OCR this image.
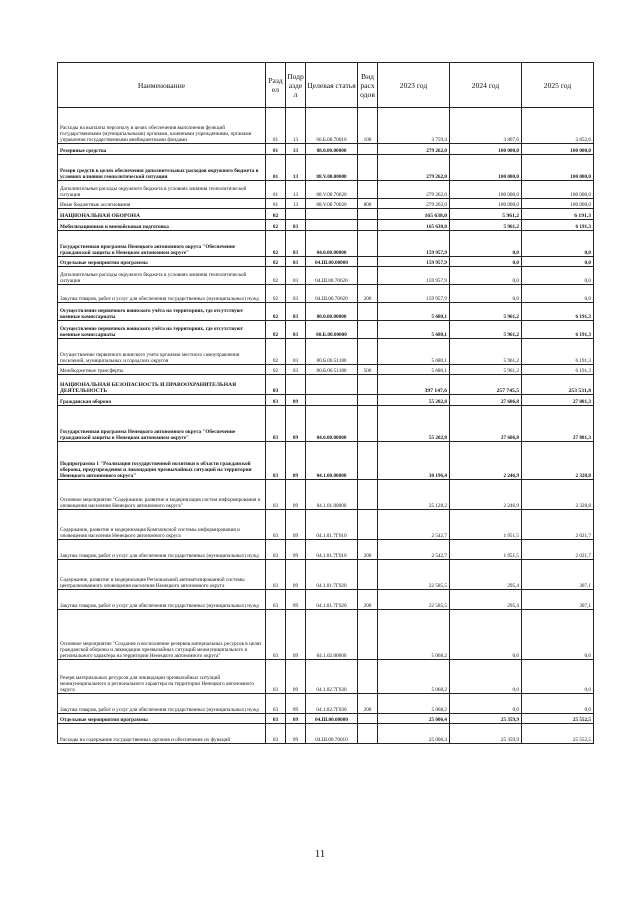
Наименование	Разд ел	Подр азде л	Целевая статья	Вид расх одов	2023 год	2024 год	2025 год
Расходы на выплаты персоналу в целях обеспечения выполнения функций государственными (муниципальными) органами, казенными учреждениями, органами управления государственными внебюджетными фондами	01	13	66.Б.00.70010	100	3 759,4	3 807,6	3 852,6
Резервные средства	01	13	88.0.00.00000		279 262,0	100 000,0	100 000,0
Резерв средств в целях обеспечения дополнительных расходов окружного бюджета в условиях влияния геополитической ситуации	01	13	88.V.00.00000		279 262,0	100 000,0	100 000,0
Дополнительные расходы окружного бюджета в условиях влияния геополитической ситуации	01	13	88.V.00.70620		279 262,0	100 000,0	100 000,0
Иные бюджетные ассигнования	01	13	88.V.00.70620	800	279 262,0	100 000,0	100 000,0
НАЦИОНАЛЬНАЯ ОБОРОНА	02				165 638,0	5 961,2	6 191,3
Мобилизационная и вневойсковая подготовка	02	03			165 638,0	5 961,2	6 191,3
Государственная программа Ненецкого автономного округа "Обеспечение гражданской защиты в Ненецком автономном округе"	02	03	04.0.00.00000		159 957,9	0,0	0,0
Отдельные мероприятия программы	02	03	04.Ш.00.00000		159 957,9	0,0	0,0
Дополнительные расходы окружного бюджета в условиях влияния геополитической ситуации	02	03	04.Ш.00.70620		159 957,9	0,0	0,0
Закупка товаров, работ и услуг для обеспечения государственных (муниципальных) нужд	02	03	04.Ш.00.70620	200	159 957,9	0,0	0,0
Осуществление первичного воинского учёта на территориях, где отсутствуют военные комиссариаты	02	03	80.0.00.00000		5 680,1	5 961,2	6 191,3
Осуществление первичного воинского учёта на территориях, где отсутствуют военные комиссариаты	02	03	80.Б.00.00000		5 680,1	5 961,2	6 191,3
Осуществление первичного воинского учета органами местного самоуправления поселений, муниципальных и городских округов	02	03	80.Б.00.51180		5 680,1	5 961,2	6 191,3
Межбюджетные трансферты	02	03	80.Б.00.51180	500	5 680,1	5 961,2	6 191,3
НАЦИОНАЛЬНАЯ БЕЗОПАСНОСТЬ И ПРАВООХРАНИТЕЛЬНАЯ ДЕЯТЕЛЬНОСТЬ	03				397 147,6	257 745,5	253 531,8
Гражданская оборона	03	09			55 202,8	27 606,8	27 881,3
Государственная программа Ненецкого автономного округа "Обеспечение гражданской защиты в Ненецком автономном округе"	03	09	04.0.00.00000		55 202,8	27 606,8	27 881,3
Подпрограмма 1 "Реализация государственной политики в области гражданской обороны, предупреждения и ликвидации чрезвычайных ситуаций на территории Ненецкого автономного округа"	03	09	04.1.00.00000		30 196,4	2 246,9	2 328,8
Основное мероприятие "Содержание, развитие и модернизация систем информирования и оповещения населения Ненецкого автономного округа"	03	09	04.1.01.00000		25 128,2	2 246,9	2 328,8
Содержание, развитие и модернизация Комплексной системы информирования и оповещения населения Ненецкого автономного округа	03	09	04.1.01.7Г010		2 542,7	1 951,5	2 021,7
Закупка товаров, работ и услуг для обеспечения государственных (муниципальных) нужд	03	09	04.1.01.7Г010	200	2 542,7	1 951,5	2 021,7
Содержание, развитие и модернизация Региональной автоматизированной системы централизованного оповещения населения Ненецкого автономного округа	03	09	04.1.01.7Г020		22 585,5	295,4	307,1
Закупка товаров, работ и услуг для обеспечения государственных (муниципальных) нужд	03	09	04.1.01.7Г020	200	22 585,5	295,4	307,1
Основное мероприятие "Создание и восполнение резервов материальных ресурсов в целях гражданской обороны и ликвидации чрезвычайных ситуаций межмуниципального и регионального характера на территории Ненецкого автономного округа"	03	09	04.1.02.00000		5 068,2	0,0	0,0
Резерв материальных ресурсов для ликвидации чрезвычайных ситуаций межмуниципального и регионального характера на территории Ненецкого автономного округа	03	09	04.1.02.7Г030		5 068,2	0,0	0,0
Закупка товаров, работ и услуг для обеспечения государственных (муниципальных) нужд	03	09	04.1.02.7Г030	200	5 068,2	0,0	0,0
Отдельные мероприятия программы	03	09	04.Ш.00.00000		25 006,4	25 359,9	25 552,5
Расходы на содержание государственных органов и обеспечение их функций	03	09	04.Ш.00.70010		25 006,4	25 359,9	25 552,5
11
